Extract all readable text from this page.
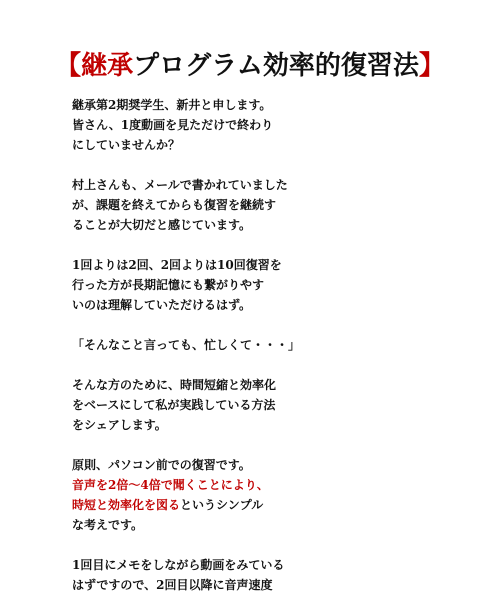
【継承プログラム効率的復習法】

継承第2期奨学生、新井と申します。
皆さん、1度動画を見ただけで終わり
にしていませんか？

村上さんも、メールで書かれていました
が、課題を終えてからも復習を継続す
ることが大切だと感じています。

1回よりは2回、2回よりは10回復習を
行った方が長期記憶にも繋がりやす
いのは理解していただけるはず。

「そんなこと言っても、忙しくて・・・」

そんな方のために、時間短縮と効率化
をベースにして私が実践している方法
をシェアします。

原則、パソコン前での復習です。
音声を2倍～4倍で聞くことにより、
時短と効率化を図るというシンプル
な考えです。

1回目にメモをしながら動画をみている
はずですので、2回目以降に音声速度
